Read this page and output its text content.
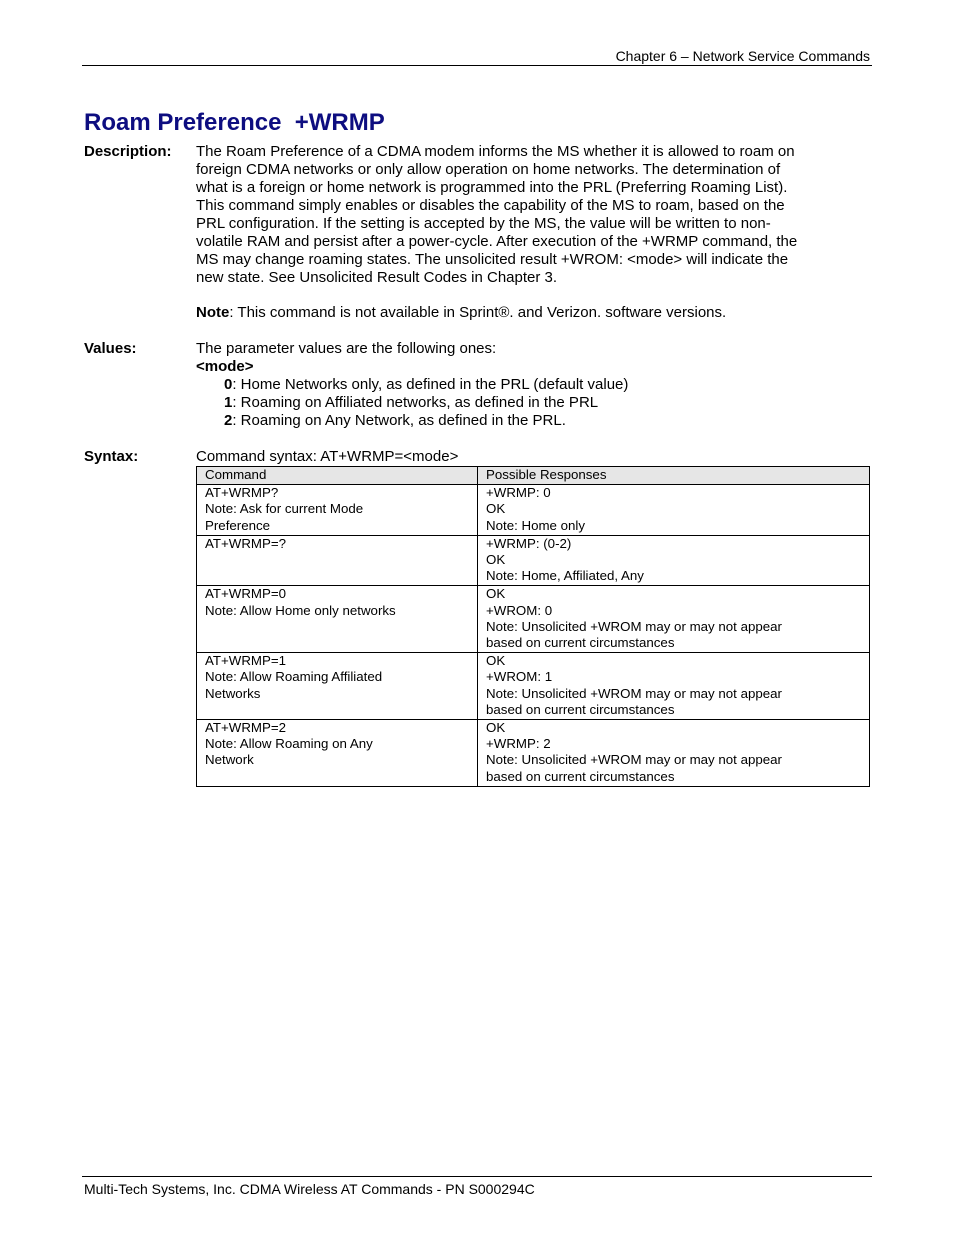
Chapter 6 – Network Service Commands
Roam Preference  +WRMP
Description: The Roam Preference of a CDMA modem informs the MS whether it is allowed to roam on
foreign CDMA networks or only allow operation on home networks. The determination of
what is a foreign or home network is programmed into the PRL (Preferring Roaming List).
This command simply enables or disables the capability of the MS to roam, based on the
PRL configuration. If the setting is accepted by the MS, the value will be written to non-
volatile RAM and persist after a power-cycle. After execution of the +WRMP command, the
MS may change roaming states. The unsolicited result +WROM: <mode> will indicate the
new state. See Unsolicited Result Codes in Chapter 3.

Note: This command is not available in Sprint®. and Verizon. software versions.

Values:	The parameter values are the following ones:
<mode>
0: Home Networks only, as defined in the PRL (default value)
1: Roaming on Affiliated networks, as defined in the PRL
2: Roaming on Any Network, as defined in the PRL.
Syntax:	Command syntax: AT+WRMP=<mode>
Command	Possible Responses

AT+WRMP?
Note: Ask for current Mode
Preference	+WRMP: 0
OK
Note: Home only

AT+WRMP=?	+WRMP: (0-2)
OK
Note: Home, Affiliated, Any

AT+WRMP=0
Note: Allow Home only networks	OK
+WROM: 0
Note: Unsolicited +WROM may or may not appear
based on current circumstances

AT+WRMP=1
Note: Allow Roaming Affiliated
Networks	OK
+WROM: 1
Note: Unsolicited +WROM may or may not appear
based on current circumstances

AT+WRMP=2
Note: Allow Roaming on Any
Network	OK
+WRMP: 2
Note: Unsolicited +WROM may or may not appear
based on current circumstances
Multi-Tech Systems, Inc. CDMA Wireless AT Commands - PN S000294C
